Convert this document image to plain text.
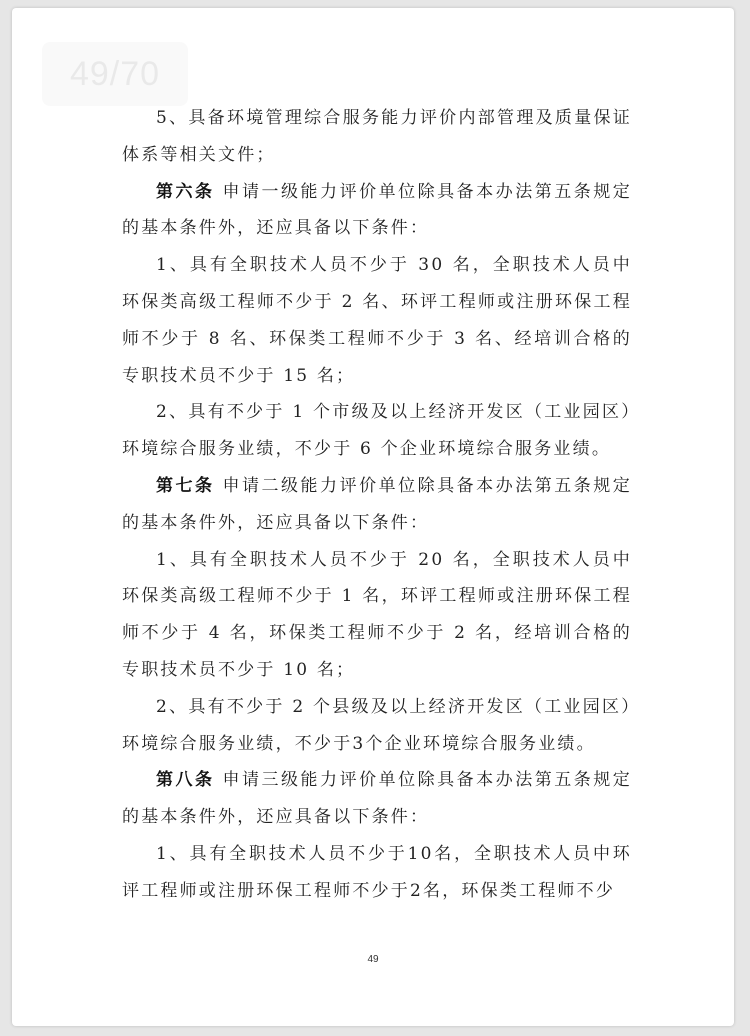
49/70

5、具备环境管理综合服务能力评价内部管理及质量保证体系等相关文件；

第六条 申请一级能力评价单位除具备本办法第五条规定的基本条件外，还应具备以下条件：

1、具有全职技术人员不少于 30 名，全职技术人员中环保类高级工程师不少于 2 名、环评工程师或注册环保工程师不少于 8 名、环保类工程师不少于 3 名、经培训合格的专职技术员不少于 15 名；

2、具有不少于 1 个市级及以上经济开发区（工业园区）环境综合服务业绩，不少于 6 个企业环境综合服务业绩。

第七条 申请二级能力评价单位除具备本办法第五条规定的基本条件外，还应具备以下条件：

1、具有全职技术人员不少于 20 名，全职技术人员中环保类高级工程师不少于 1 名，环评工程师或注册环保工程师不少于 4 名，环保类工程师不少于 2 名，经培训合格的专职技术员不少于 10 名；

2、具有不少于 2 个县级及以上经济开发区（工业园区）环境综合服务业绩，不少于3个企业环境综合服务业绩。

第八条 申请三级能力评价单位除具备本办法第五条规定的基本条件外，还应具备以下条件：

1、具有全职技术人员不少于10名，全职技术人员中环评工程师或注册环保工程师不少于2名，环保类工程师不少

49
